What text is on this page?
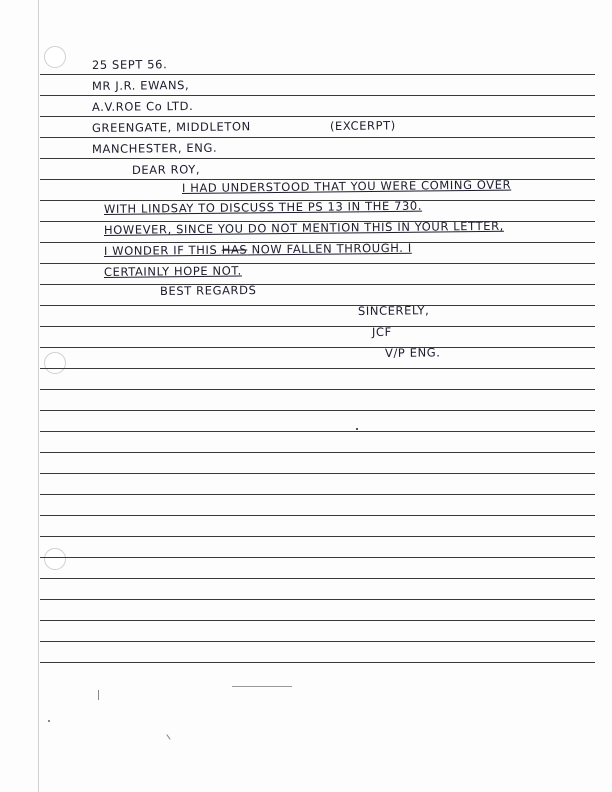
25 SEPT 56.
MR J.R. EWANS,
A.V.ROE Co LTD.
GREENGATE, MIDDLETON	(EXCERPT)
MANCHESTER, ENG.
DEAR ROY,
I HAD UNDERSTOOD THAT YOU WERE COMING OVER
WITH LINDSAY TO DISCUSS THE PS 13 IN THE 730.
HOWEVER, SINCE YOU DO NOT MENTION THIS IN YOUR LETTER,
I WONDER IF THIS HAS NOW FALLEN THROUGH. I
CERTAINLY HOPE NOT.
BEST REGARDS
SINCERELY,
JCF
V/P ENG.
